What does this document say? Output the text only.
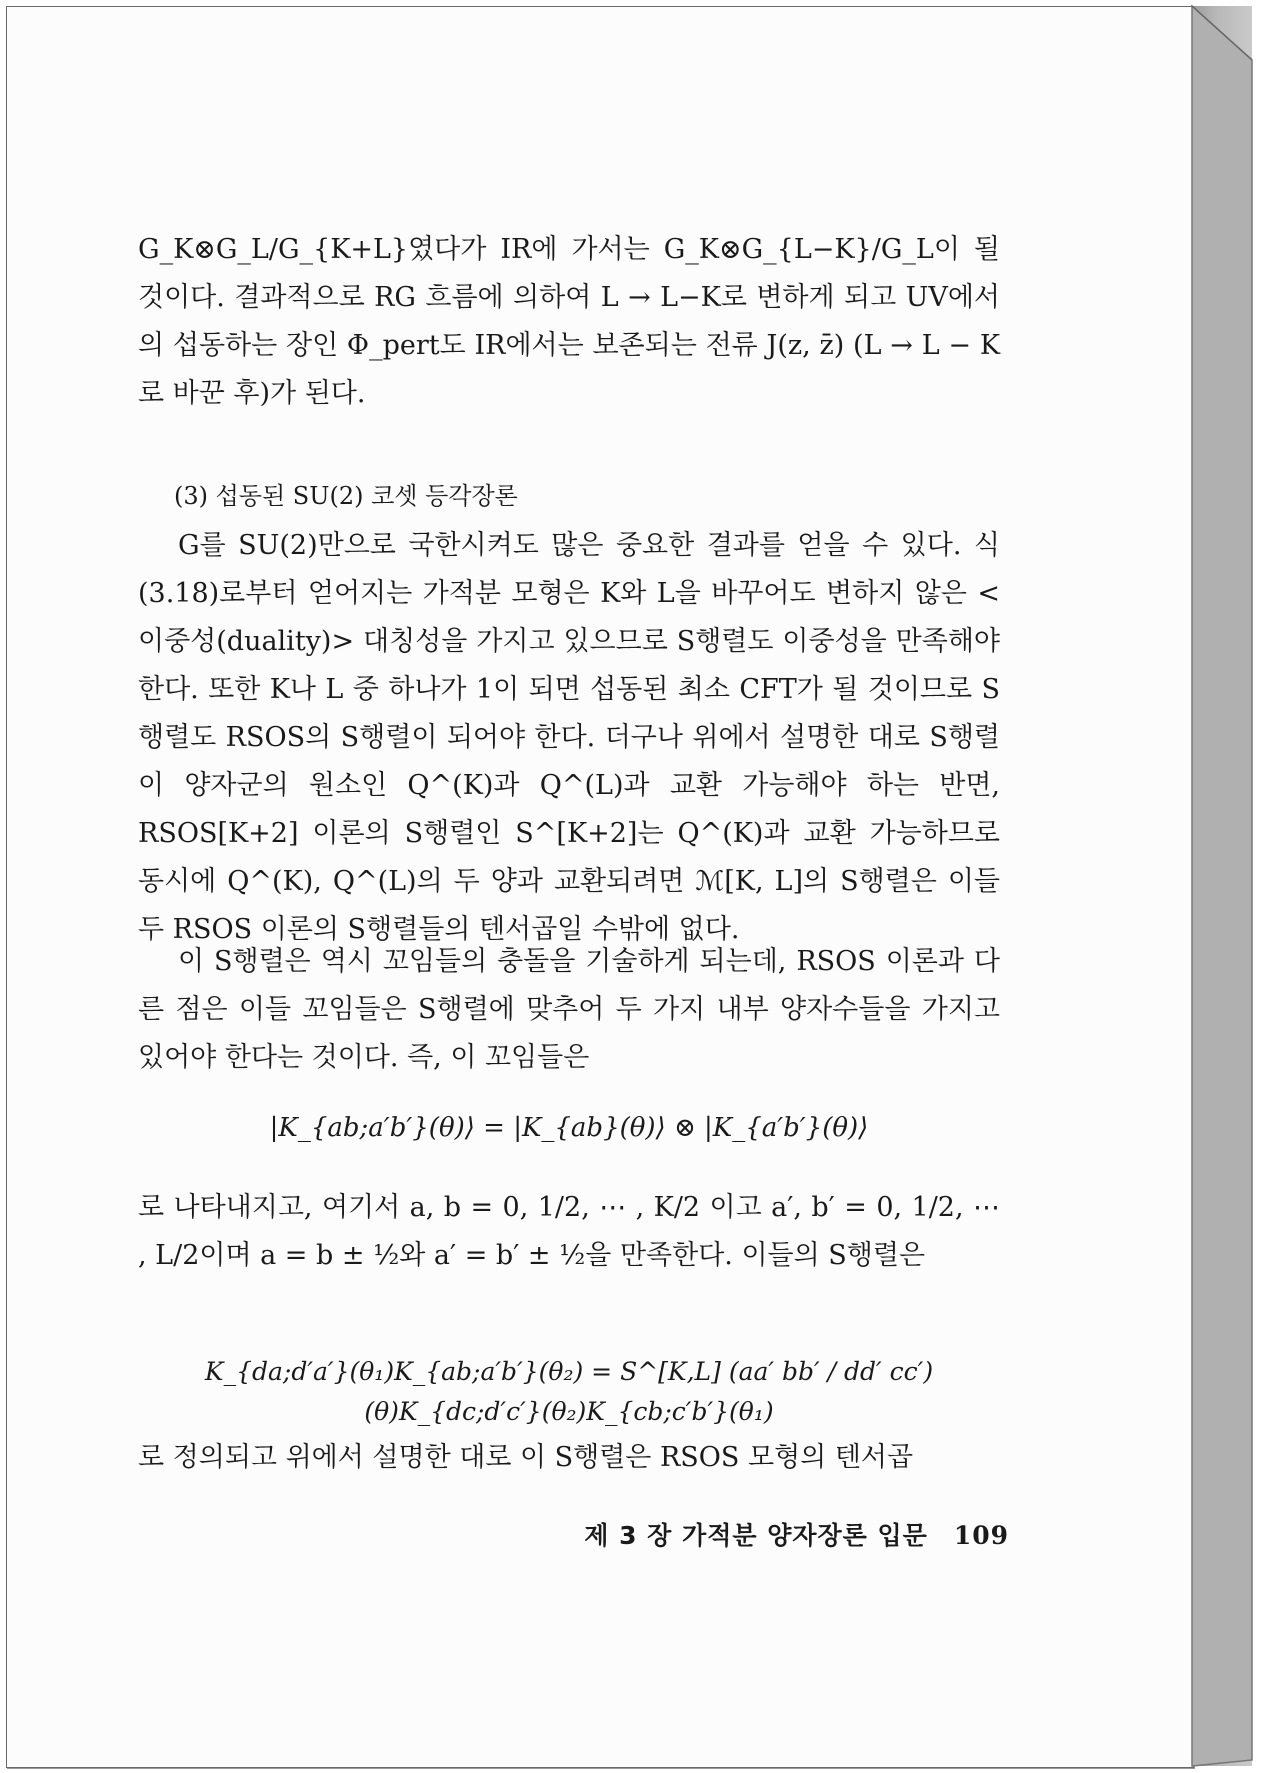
G_K⊗G_L/G_{K+L}였다가 IR에 가서는 G_K⊗G_{L−K}/G_L이 될 것이다. 결과적으로 RG 흐름에 의하여 L → L−K로 변하게 되고 UV에서의 섭동하는 장인 Φ_pert도 IR에서는 보존되는 전류 J(z, z̄) (L → L − K로 바꾼 후)가 된다.
(3) 섭동된 SU(2) 코셋 등각장론
G를 SU(2)만으로 국한시켜도 많은 중요한 결과를 얻을 수 있다. 식 (3.18)로부터 얻어지는 가적분 모형은 K와 L을 바꾸어도 변하지 않은 <이중성(duality)> 대칭성을 가지고 있으므로 S행렬도 이중성을 만족해야 한다. 또한 K나 L 중 하나가 1이 되면 섭동된 최소 CFT가 될 것이므로 S행렬도 RSOS의 S행렬이 되어야 한다. 더구나 위에서 설명한 대로 S행렬이 양자군의 원소인 Q^(K)과 Q^(L)과 교환 가능해야 하는 반면, RSOS[K+2] 이론의 S행렬인 S^[K+2]는 Q^(K)과 교환 가능하므로 동시에 Q^(K), Q^(L)의 두 양과 교환되려면 ℳ[K, L]의 S행렬은 이들 두 RSOS 이론의 S행렬들의 텐서곱일 수밖에 없다.
이 S행렬은 역시 꼬임들의 충돌을 기술하게 되는데, RSOS 이론과 다른 점은 이들 꼬임들은 S행렬에 맞추어 두 가지 내부 양자수들을 가지고 있어야 한다는 것이다. 즉, 이 꼬임들은
|K_{ab;a′b′}(θ)⟩ = |K_{ab}(θ)⟩ ⊗ |K_{a′b′}(θ)⟩
로 나타내지고, 여기서 a, b = 0, 1/2, ⋯ , K/2 이고 a′, b′ = 0, 1/2, ⋯ , L/2이며 a = b ± ½와 a′ = b′ ± ½을 만족한다. 이들의 S행렬은
K_{da;d′a′}(θ₁)K_{ab;a′b′}(θ₂) = S^[K,L] (aa′ bb′ / dd′ cc′)(θ)K_{dc;d′c′}(θ₂)K_{cb;c′b′}(θ₁)
로 정의되고 위에서 설명한 대로 이 S행렬은 RSOS 모형의 텐서곱
제 3 장 가적분 양자장론 입문 109
